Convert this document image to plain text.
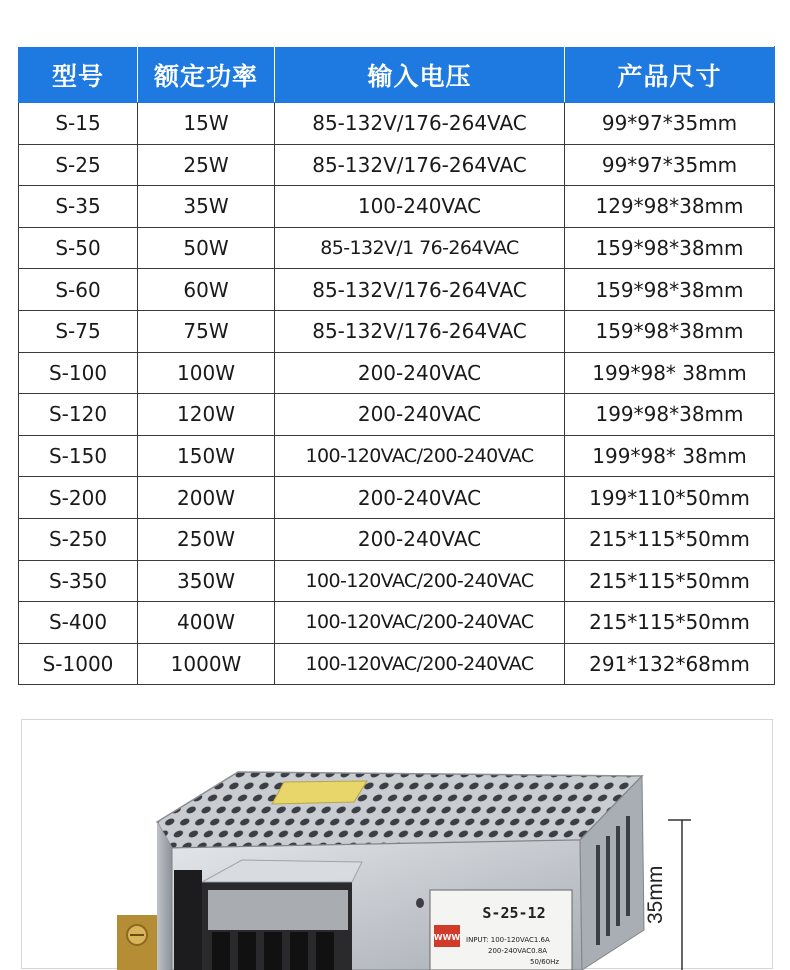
型号	额定功率	输入电压	产品尺寸
S-15	15W	85-132V/176-264VAC	99*97*35mm
S-25	25W	85-132V/176-264VAC	99*97*35mm
S-35	35W	100-240VAC	129*98*38mm
S-50	50W	85-132V/1 76-264VAC	159*98*38mm
S-60	60W	85-132V/176-264VAC	159*98*38mm
S-75	75W	85-132V/176-264VAC	159*98*38mm
S-100	100W	200-240VAC	199*98* 38mm
S-120	120W	200-240VAC	199*98*38mm
S-150	150W	100-120VAC/200-240VAC	199*98* 38mm
S-200	200W	200-240VAC	199*110*50mm
S-250	250W	200-240VAC	215*115*50mm
S-350	350W	100-120VAC/200-240VAC	215*115*50mm
S-400	400W	100-120VAC/200-240VAC	215*115*50mm
S-1000	1000W	100-120VAC/200-240VAC	291*132*68mm
WWW
S-25-12
INPUT: 100-120VAC1.6A
200-240VAC0.8A
50/60Hz
35mm
